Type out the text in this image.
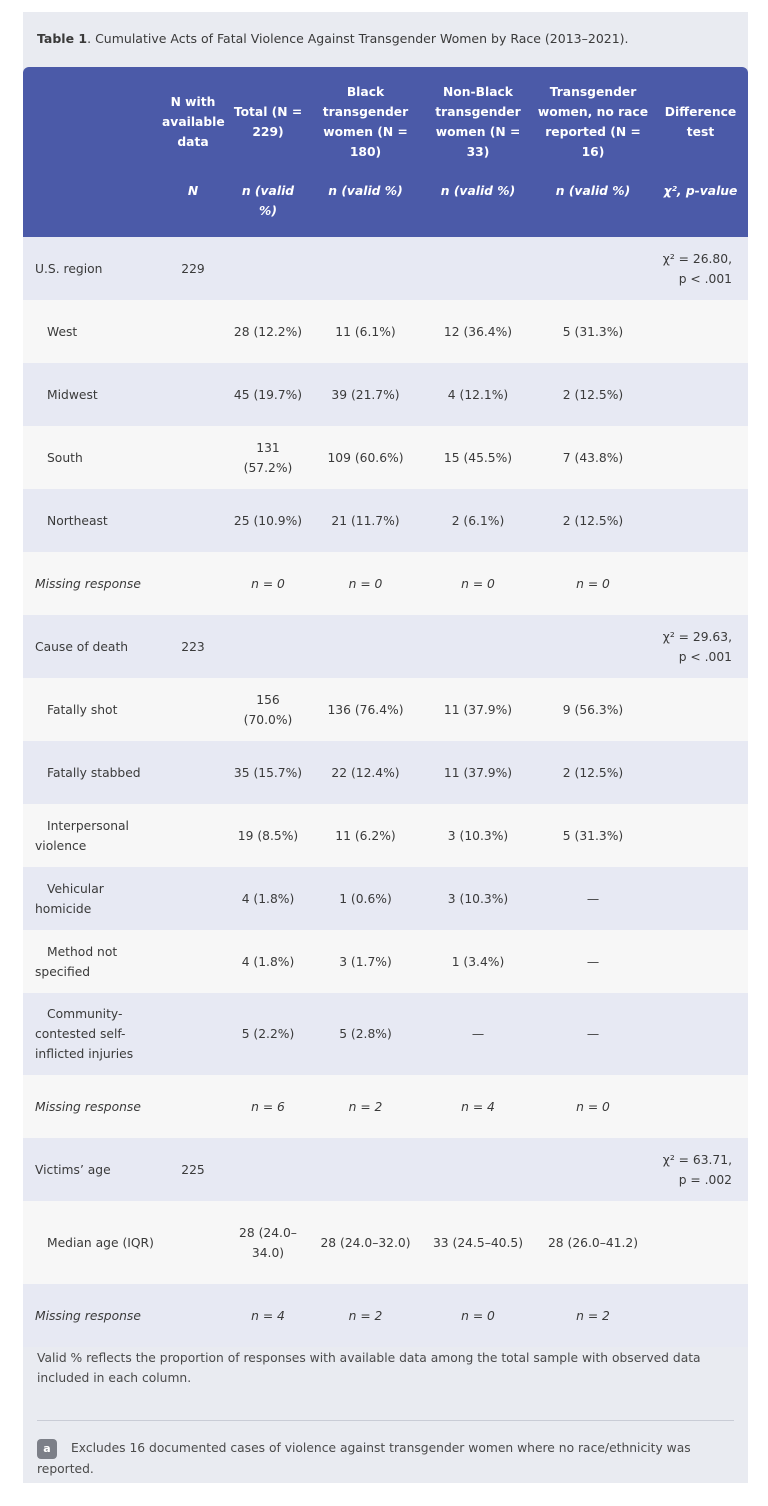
Table 1. Cumulative Acts of Fatal Violence Against Transgender Women by Race (2013–2021).
	N with available data	Total (N = 229)	Black transgender women (N = 180)	Non-Black transgender women (N = 33)	Transgender women, no race reported (N = 16)	Difference test
	N	n (valid %)	n (valid %)	n (valid %)	n (valid %)	χ², p-value
U.S. region	229					χ² = 26.80, p < .001
West		28 (12.2%)	11 (6.1%)	12 (36.4%)	5 (31.3%)	
Midwest		45 (19.7%)	39 (21.7%)	4 (12.1%)	2 (12.5%)	
South		131 (57.2%)	109 (60.6%)	15 (45.5%)	7 (43.8%)	
Northeast		25 (10.9%)	21 (11.7%)	2 (6.1%)	2 (12.5%)	
Missing response		n = 0	n = 0	n = 0	n = 0	
Cause of death	223					χ² = 29.63, p < .001
Fatally shot		156 (70.0%)	136 (76.4%)	11 (37.9%)	9 (56.3%)	
Fatally stabbed		35 (15.7%)	22 (12.4%)	11 (37.9%)	2 (12.5%)	
Interpersonal violence		19 (8.5%)	11 (6.2%)	3 (10.3%)	5 (31.3%)	
Vehicular homicide		4 (1.8%)	1 (0.6%)	3 (10.3%)	—	
Method not specified		4 (1.8%)	3 (1.7%)	1 (3.4%)	—	
Community-contested self-inflicted injuries		5 (2.2%)	5 (2.8%)	—	—	
Missing response		n = 6	n = 2	n = 4	n = 0	
Victims’ age	225					χ² = 63.71, p = .002
Median age (IQR)		28 (24.0–34.0)	28 (24.0–32.0)	33 (24.5–40.5)	28 (26.0–41.2)	
Missing response		n = 4	n = 2	n = 0	n = 2	
Valid % reflects the proportion of responses with available data among the total sample with observed data included in each column.
a Excludes 16 documented cases of violence against transgender women where no race/ethnicity was reported.
